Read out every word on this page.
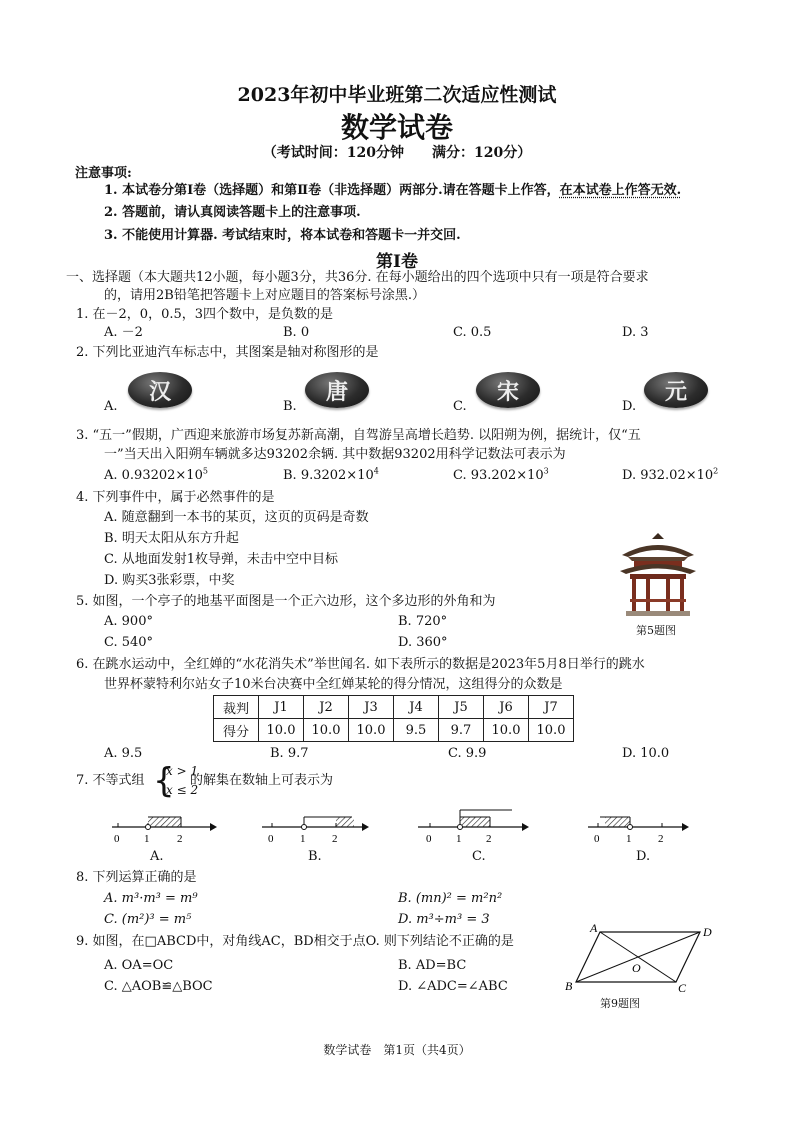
2023年初中毕业班第二次适应性测试
数学试卷
（考试时间：120分钟　　满分：120分）
注意事项:
1. 本试卷分第Ⅰ卷（选择题）和第Ⅱ卷（非选择题）两部分.请在答题卡上作答，在本试卷上作答无效.
2. 答题前，请认真阅读答题卡上的注意事项.
3. 不能使用计算器. 考试结束时，将本试卷和答题卡一并交回.
第Ⅰ卷
一、选择题（本大题共12小题，每小题3分，共36分. 在每小题给出的四个选项中只有一项是符合要求
的，请用2B铅笔把答题卡上对应题目的答案标号涂黑.）
1. 在－2，0，0.5，3四个数中，是负数的是
A. －2	B. 0	C. 0.5	D. 3
2. 下列比亚迪汽车标志中，其图案是轴对称图形的是
A.
汉
B.
唐
C.
宋
D.
元
3. “五一”假期，广西迎来旅游市场复苏新高潮，自驾游呈高增长趋势. 以阳朔为例，据统计，仅“五
一”当天出入阳朔车辆就多达93202余辆. 其中数据93202用科学记数法可表示为
A. $0.93202\times 10^5$	B. $9.3202\times 10^4$	C. $93.202\times 10^3$	D. $932.02\times 10^2$
4. 下列事件中，属于必然事件的是
A. 随意翻到一本书的某页，这页的页码是奇数
B. 明天太阳从东方升起
C. 从地面发射1枚导弹，未击中空中目标
D. 购买3张彩票，中奖
第5题图
5. 如图，一个亭子的地基平面图是一个正六边形，这个多边形的外角和为
A. 900°	B. 720°
C. 540°	D. 360°
6. 在跳水运动中，全红婵的“水花消失术”举世闻名. 如下表所示的数据是2023年5月8日举行的跳水
世界杯蒙特利尔站女子10米台决赛中全红婵某轮的得分情况，这组得分的众数是
裁判	J1	J2	J3	J4	J5	J6	J7
得分	10.0	10.0	10.0	9.5	9.7	10.0	10.0
A. 9.5	B. 9.7	C. 9.9	D. 10.0
7. 不等式组 {
x > 1
x ≤ 2
的解集在数轴上可表示为
0 1	2	0 1 2	0 1 2	0 1 2
A.	B.	C.	D.
8. 下列运算正确的是
A. m³·m³ = m⁹	B. (mn)² = m²n²
C. (m²)³ = m⁵	D. m³÷m³ = 3
9. 如图，在□ABCD中，对角线AC，BD相交于点O. 则下列结论不正确的是
A. OA=OC	B. AD=BC
C. △AOB≌△BOC	D. ∠ADC=∠ABC
A	D
B	C
O
第9题图
数学试卷　第1页（共4页）
